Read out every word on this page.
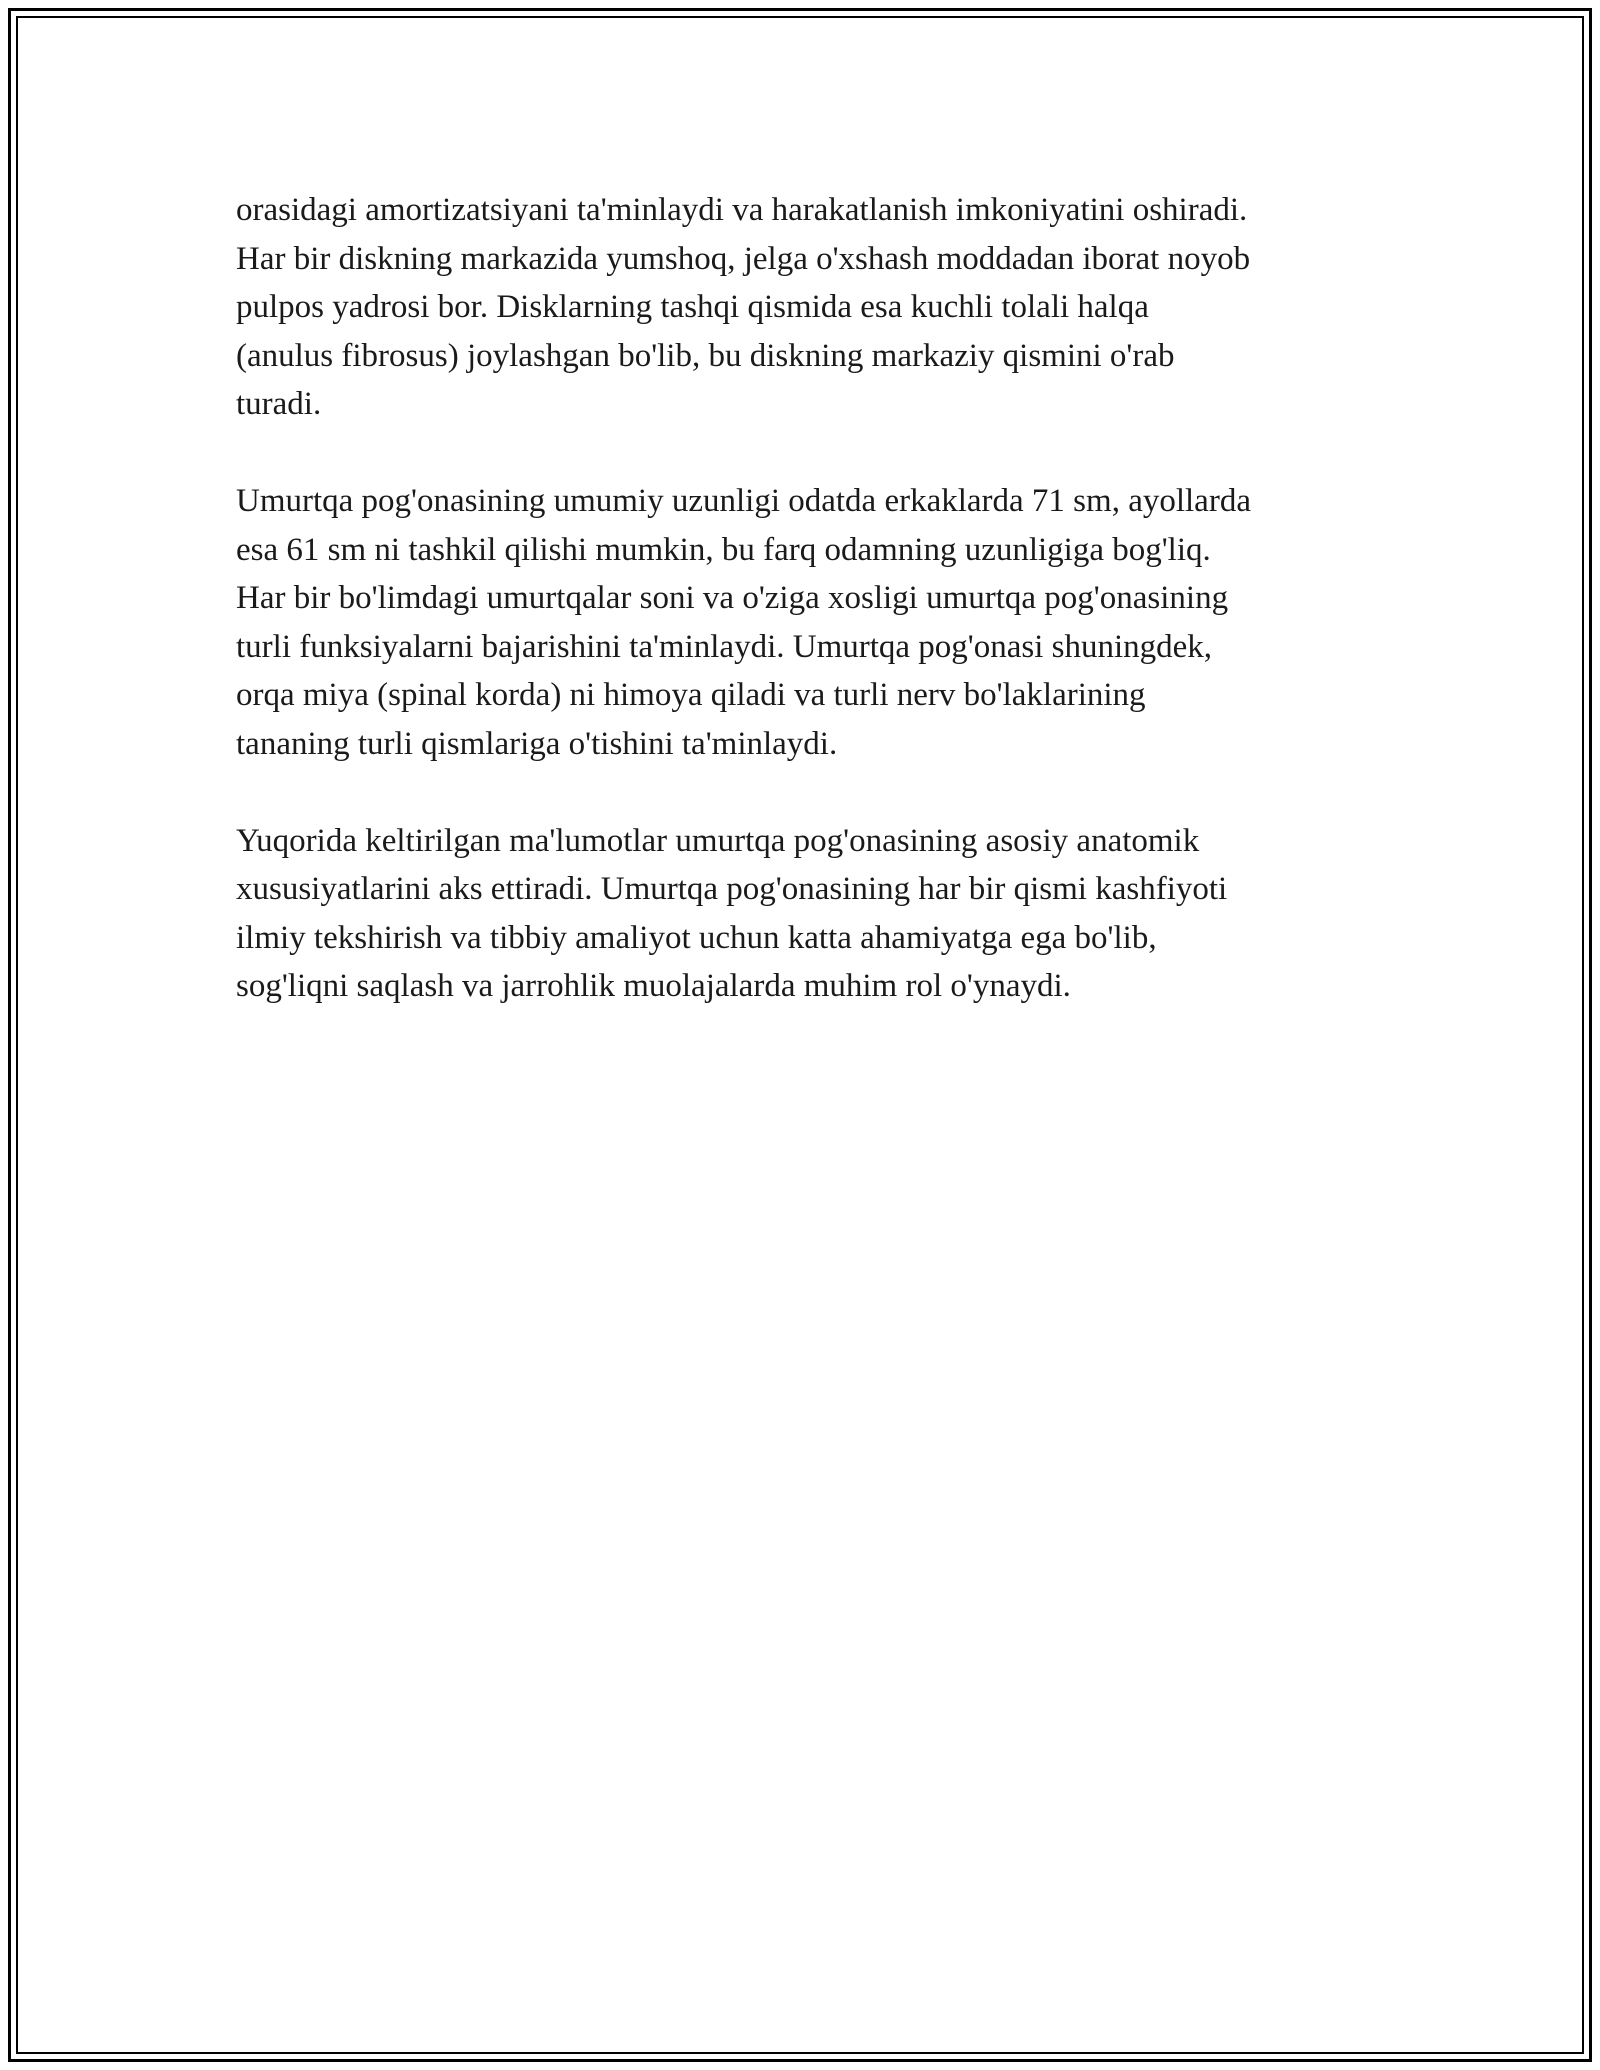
orasidagi amortizatsiyani ta'minlaydi va harakatlanish imkoniyatini oshiradi.
Har bir diskning markazida yumshoq, jelga o'xshash moddadan iborat noyob
pulpos yadrosi bor. Disklarning tashqi qismida esa kuchli tolali halqa
(anulus fibrosus) joylashgan bo'lib, bu diskning markaziy qismini o'rab
turadi.

Umurtqa pog'onasining umumiy uzunligi odatda erkaklarda 71 sm, ayollarda
esa 61 sm ni tashkil qilishi mumkin, bu farq odamning uzunligiga bog'liq.
Har bir bo'limdagi umurtqalar soni va o'ziga xosligi umurtqa pog'onasining
turli funksiyalarni bajarishini ta'minlaydi. Umurtqa pog'onasi shuningdek,
orqa miya (spinal korda) ni himoya qiladi va turli nerv bo'laklarining
tananing turli qismlariga o'tishini ta'minlaydi.

Yuqorida keltirilgan ma'lumotlar umurtqa pog'onasining asosiy anatomik
xususiyatlarini aks ettiradi. Umurtqa pog'onasining har bir qismi kashfiyoti
ilmiy tekshirish va tibbiy amaliyot uchun katta ahamiyatga ega bo'lib,
sog'liqni saqlash va jarrohlik muolajalarda muhim rol o'ynaydi.
